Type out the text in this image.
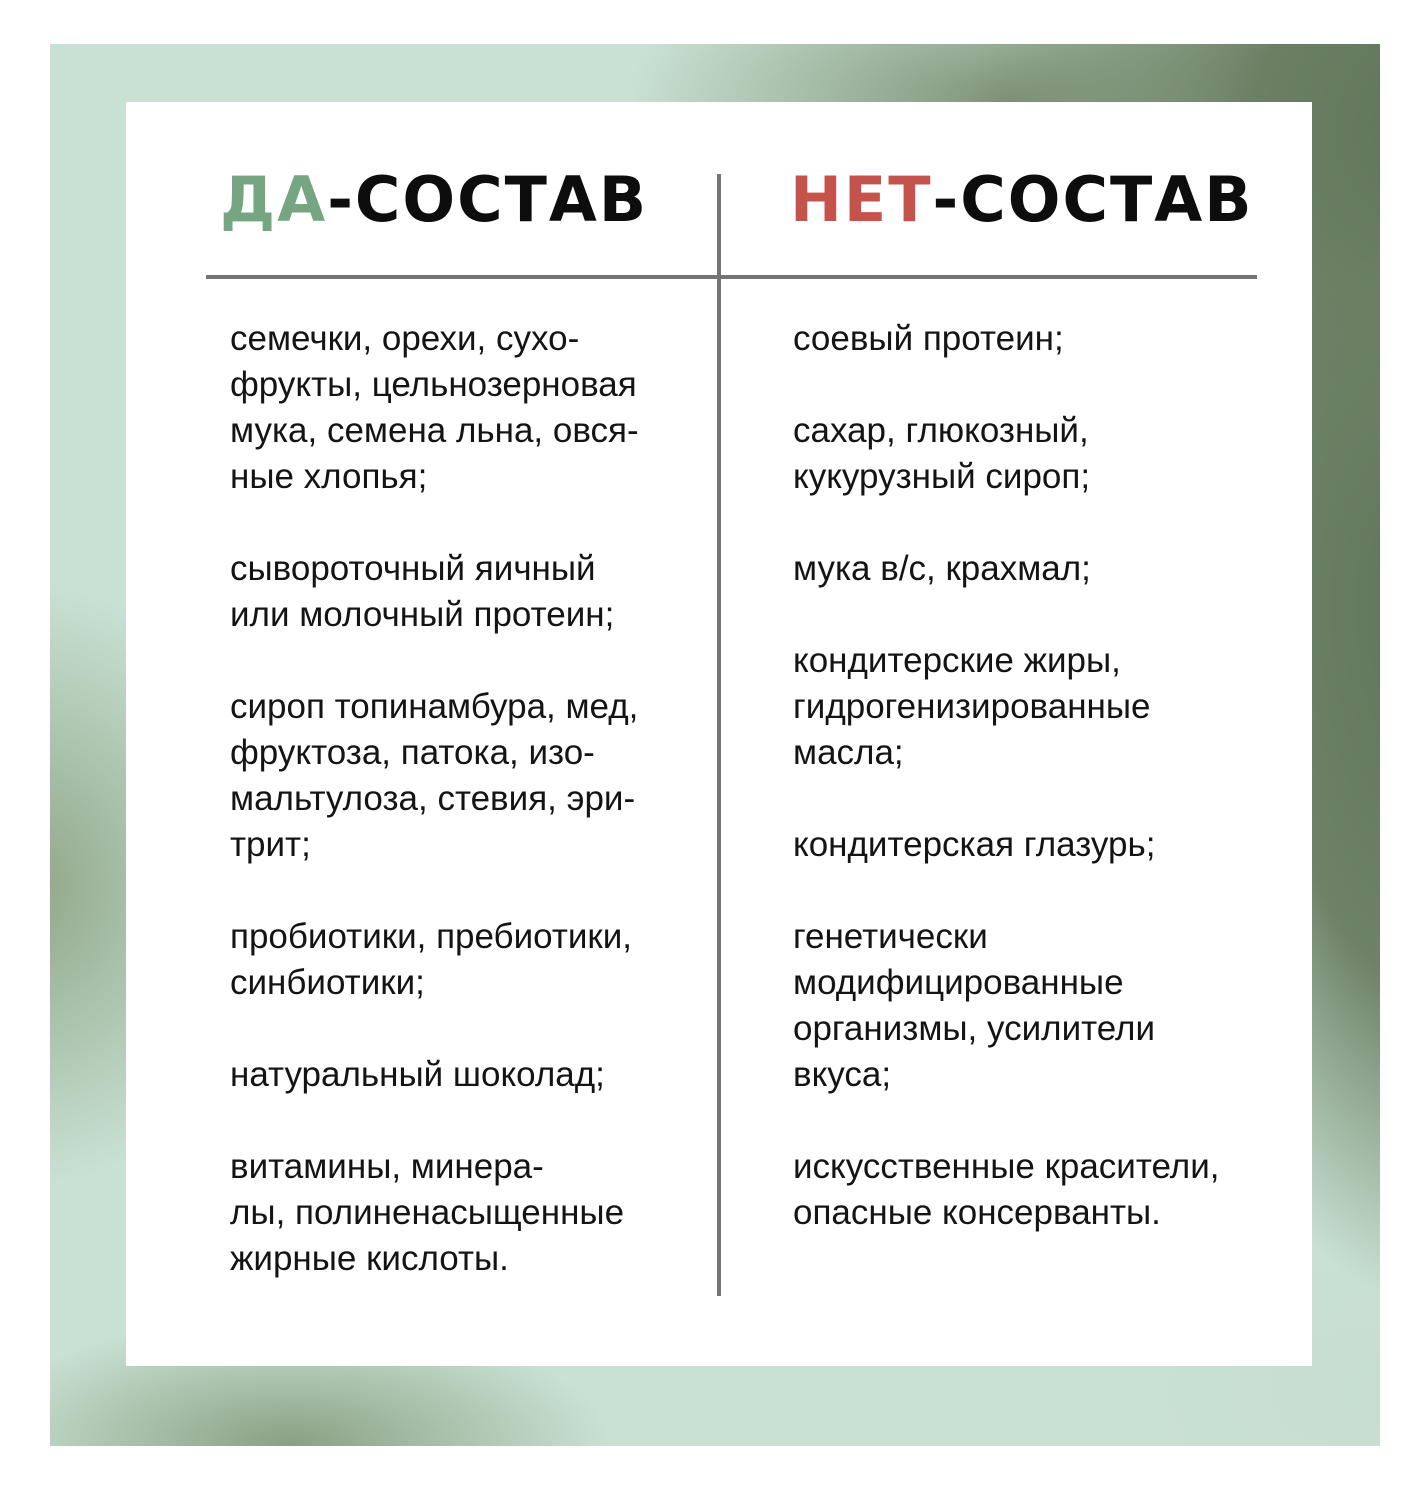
ДА-СОСТАВ НЕТ-СОСТАВ
семечки, орехи, сухо-
фрукты, цельнозерновая
мука, семена льна, овся-
ные хлопья;
сывороточный яичный
или молочный протеин;
сироп топинамбура, мед,
фруктоза, патока, изо-
мальтулоза, стевия, эри-
трит;
пробиотики, пребиотики,
синбиотики;
натуральный шоколад;
витамины, минера-
лы, полиненасыщенные
жирные кислоты.
соевый протеин;
сахар, глюкозный,
кукурузный сироп;
мука в/с, крахмал;
кондитерские жиры,
гидрогенизированные
масла;
кондитерская глазурь;
генетически
модифицированные
организмы, усилители
вкуса;
искусственные красители,
опасные консерванты.
